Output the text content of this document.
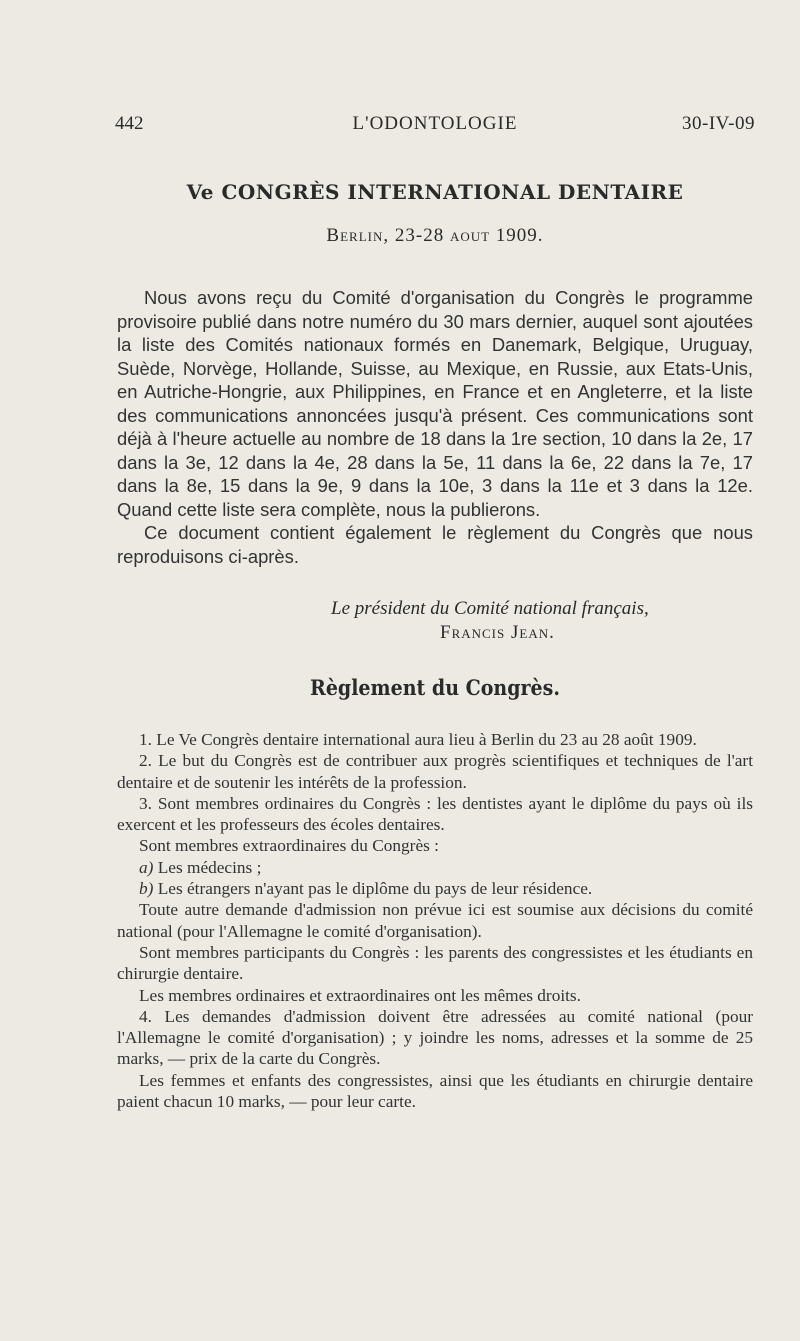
442	L'ODONTOLOGIE	30-IV-09
Ve CONGRÈS INTERNATIONAL DENTAIRE
Berlin, 23-28 aout 1909.

Nous avons reçu du Comité d'organisation du Congrès le programme provisoire publié dans notre numéro du 30 mars dernier, auquel sont ajoutées la liste des Comités nationaux formés en Danemark, Belgique, Uruguay, Suède, Norvège, Hollande, Suisse, au Mexique, en Russie, aux Etats-Unis, en Autriche-Hongrie, aux Philippines, en France et en Angleterre, et la liste des communications annoncées jusqu'à présent. Ces communications sont déjà à l'heure actuelle au nombre de 18 dans la 1re section, 10 dans la 2e, 17 dans la 3e, 12 dans la 4e, 28 dans la 5e, 11 dans la 6e, 22 dans la 7e, 17 dans la 8e, 15 dans la 9e, 9 dans la 10e, 3 dans la 11e et 3 dans la 12e. Quand cette liste sera complète, nous la publierons.

Ce document contient également le règlement du Congrès que nous reproduisons ci-après.

Le président du Comité national français,
Francis Jean.
Règlement du Congrès.

1. Le Ve Congrès dentaire international aura lieu à Berlin du 23 au 28 août 1909.

2. Le but du Congrès est de contribuer aux progrès scientifiques et techniques de l'art dentaire et de soutenir les intérêts de la profession.

3. Sont membres ordinaires du Congrès : les dentistes ayant le diplôme du pays où ils exercent et les professeurs des écoles dentaires.

Sont membres extraordinaires du Congrès :

a) Les médecins ;

b) Les étrangers n'ayant pas le diplôme du pays de leur résidence.

Toute autre demande d'admission non prévue ici est soumise aux décisions du comité national (pour l'Allemagne le comité d'organisation).

Sont membres participants du Congrès : les parents des congressistes et les étudiants en chirurgie dentaire.

Les membres ordinaires et extraordinaires ont les mêmes droits.

4. Les demandes d'admission doivent être adressées au comité national (pour l'Allemagne le comité d'organisation) ; y joindre les noms, adresses et la somme de 25 marks, — prix de la carte du Congrès.

Les femmes et enfants des congressistes, ainsi que les étudiants en chirurgie dentaire paient chacun 10 marks, — pour leur carte.
